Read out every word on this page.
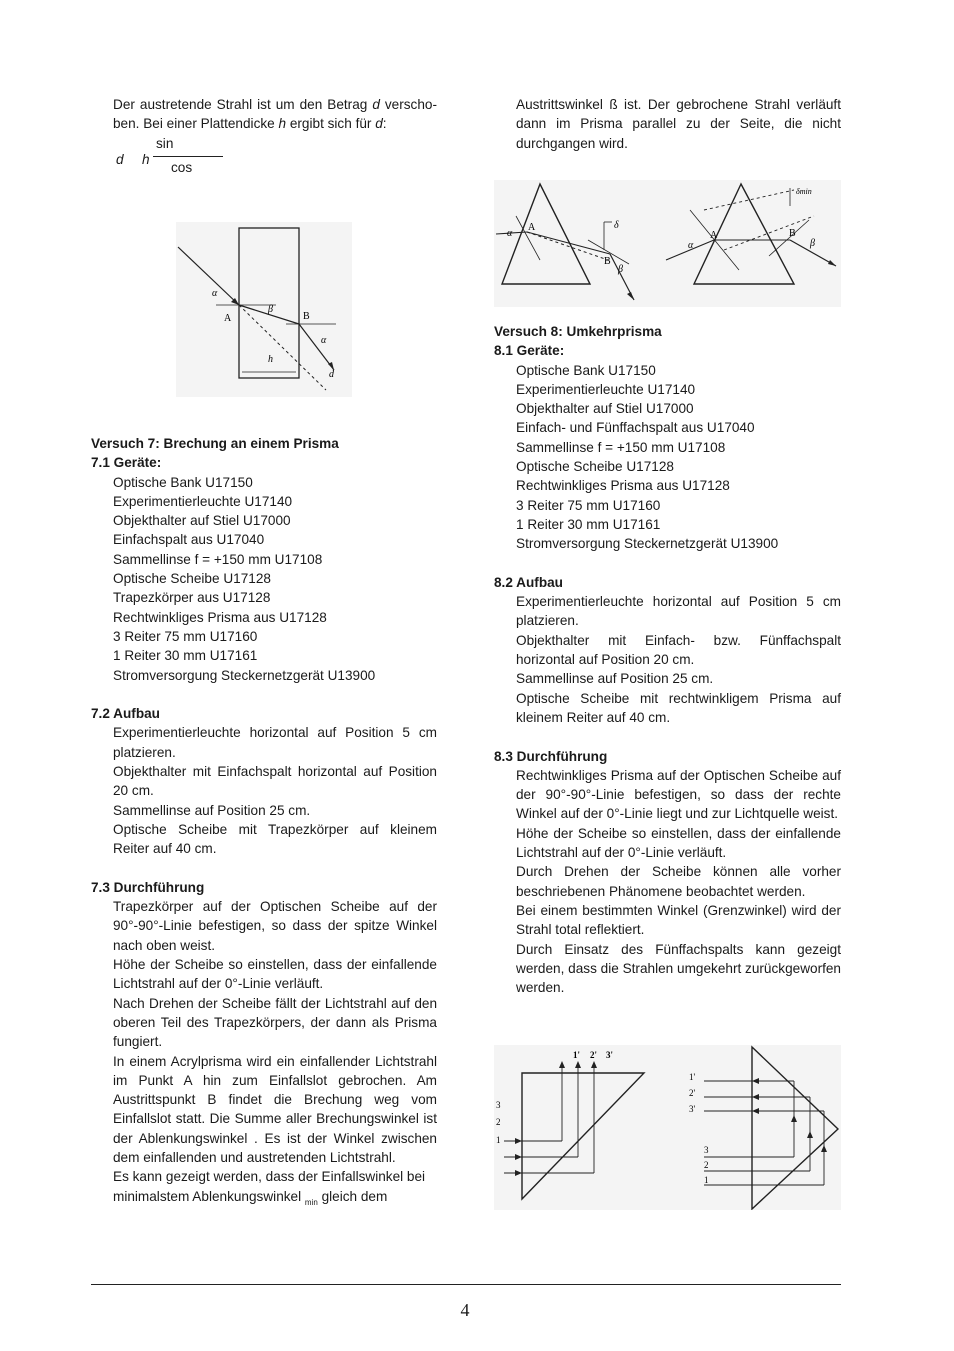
Der austretende Strahl ist um den Betrag d verscho- ben. Bei einer Plattendicke h ergibt sich für d:

d h
sin
cos
α
A
β
B
α
h
d
Versuch 7: Brechung an einem Prisma
7.1 Geräte:
Optische Bank U17150
Experimentierleuchte U17140
Objekthalter auf Stiel U17000
Einfachspalt aus U17040
Sammellinse f = +150 mm U17108
Optische Scheibe U17128
Trapezkörper aus U17128
Rechtwinkliges Prisma aus U17128
3 Reiter 75 mm U17160
1 Reiter 30 mm U17161
Stromversorgung Steckernetzgerät U13900
7.2 Aufbau

Experimentierleuchte horizontal auf Position 5 cm platzieren.

Objekthalter mit Einfachspalt horizontal auf Position 20 cm.

Sammellinse auf Position 25 cm.

Optische Scheibe mit Trapezkörper auf kleinem Reiter auf 40 cm.

7.3 Durchführung

Trapezkörper auf der Optischen Scheibe auf der 90°-90°-Linie befestigen, so dass der spitze Winkel nach oben weist.

Höhe der Scheibe so einstellen, dass der einfallende Lichtstrahl auf der 0°-Linie verläuft.

Nach Drehen der Scheibe fällt der Lichtstrahl auf den oberen Teil des Trapezkörpers, der dann als Prisma fungiert.

In einem Acrylprisma wird ein einfallender Lichtstrahl im Punkt A hin zum Einfallslot gebrochen. Am Austrittspunkt B findet die Brechung weg vom Einfallslot statt. Die Summe aller Brechungswinkel ist der Ablenkungswinkel . Es ist der Winkel zwischen dem einfallenden und austretenden Lichtstrahl.

Es kann gezeigt werden, dass der Einfallswinkel bei minimalstem Ablenkungswinkel $_{min}$ gleich dem

Austrittswinkel ß ist. Der gebrochene Strahl verläuft dann im Prisma parallel zu der Seite, die nicht durchgangen wird.

α
A	δ
B
β
α
A	B
β
δmin
Versuch 8: Umkehrprisma
8.1 Geräte:
Optische Bank U17150
Experimentierleuchte U17140
Objekthalter auf Stiel U17000
Einfach- und Fünffachspalt aus U17040
Sammellinse f = +150 mm U17108
Optische Scheibe U17128
Rechtwinkliges Prisma aus U17128
3 Reiter 75 mm U17160
1 Reiter 30 mm U17161
Stromversorgung Steckernetzgerät U13900
8.2 Aufbau

Experimentierleuchte horizontal auf Position 5 cm platzieren.

Objekthalter mit Einfach- bzw. Fünffachspalt horizontal auf Position 20 cm.

Sammellinse auf Position 25 cm.

Optische Scheibe mit rechtwinkligem Prisma auf kleinem Reiter auf 40 cm.

8.3 Durchführung

Rechtwinkliges Prisma auf der Optischen Scheibe auf der 90°-90°-Linie befestigen, so dass der rechte Winkel auf der 0°-Linie liegt und zur Lichtquelle weist.

Höhe der Scheibe so einstellen, dass der einfallende Lichtstrahl auf der 0°-Linie verläuft.

Durch Drehen der Scheibe können alle vorher beschriebenen Phänomene beobachtet werden.

Bei einem bestimmten Winkel (Grenzwinkel) wird der Strahl total reflektiert.

Durch Einsatz des Fünffachspalts kann gezeigt werden, dass die Strahlen umgekehrt zurückgeworfen werden.

1' 2' 3'
3
2
1
1'
2'
3'
3
2
1
4
